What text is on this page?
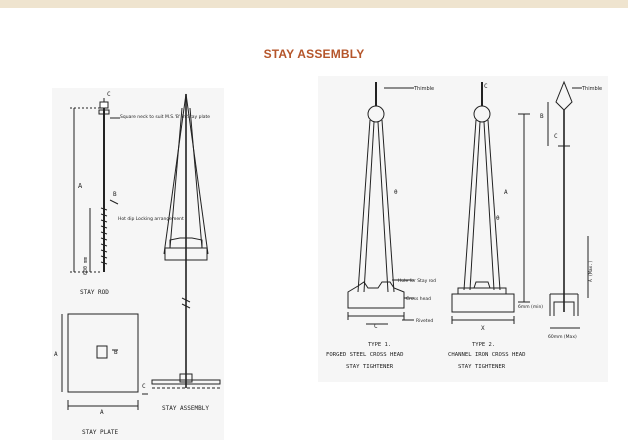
STAY ASSEMBLY
A
600 mm
C
B
Square neck to suit M.S.'B' in Stay plate
Hot dip Locking arrangement
STAY ROD
STAY ASSEMBLY
A
A
B
C
STAY PLATE
Thimble
θ
Hole for Stay rod
Cross head
Riveted
C
TYPE 1.
FORGED STEEL CROSS HEAD
STAY TIGHTENER
C
A
θ
X
TYPE 2.
CHANNEL IRON CROSS HEAD
STAY TIGHTENER
6mm (min)
Thimble
B
C
A (Max.)
60mm (Max)
